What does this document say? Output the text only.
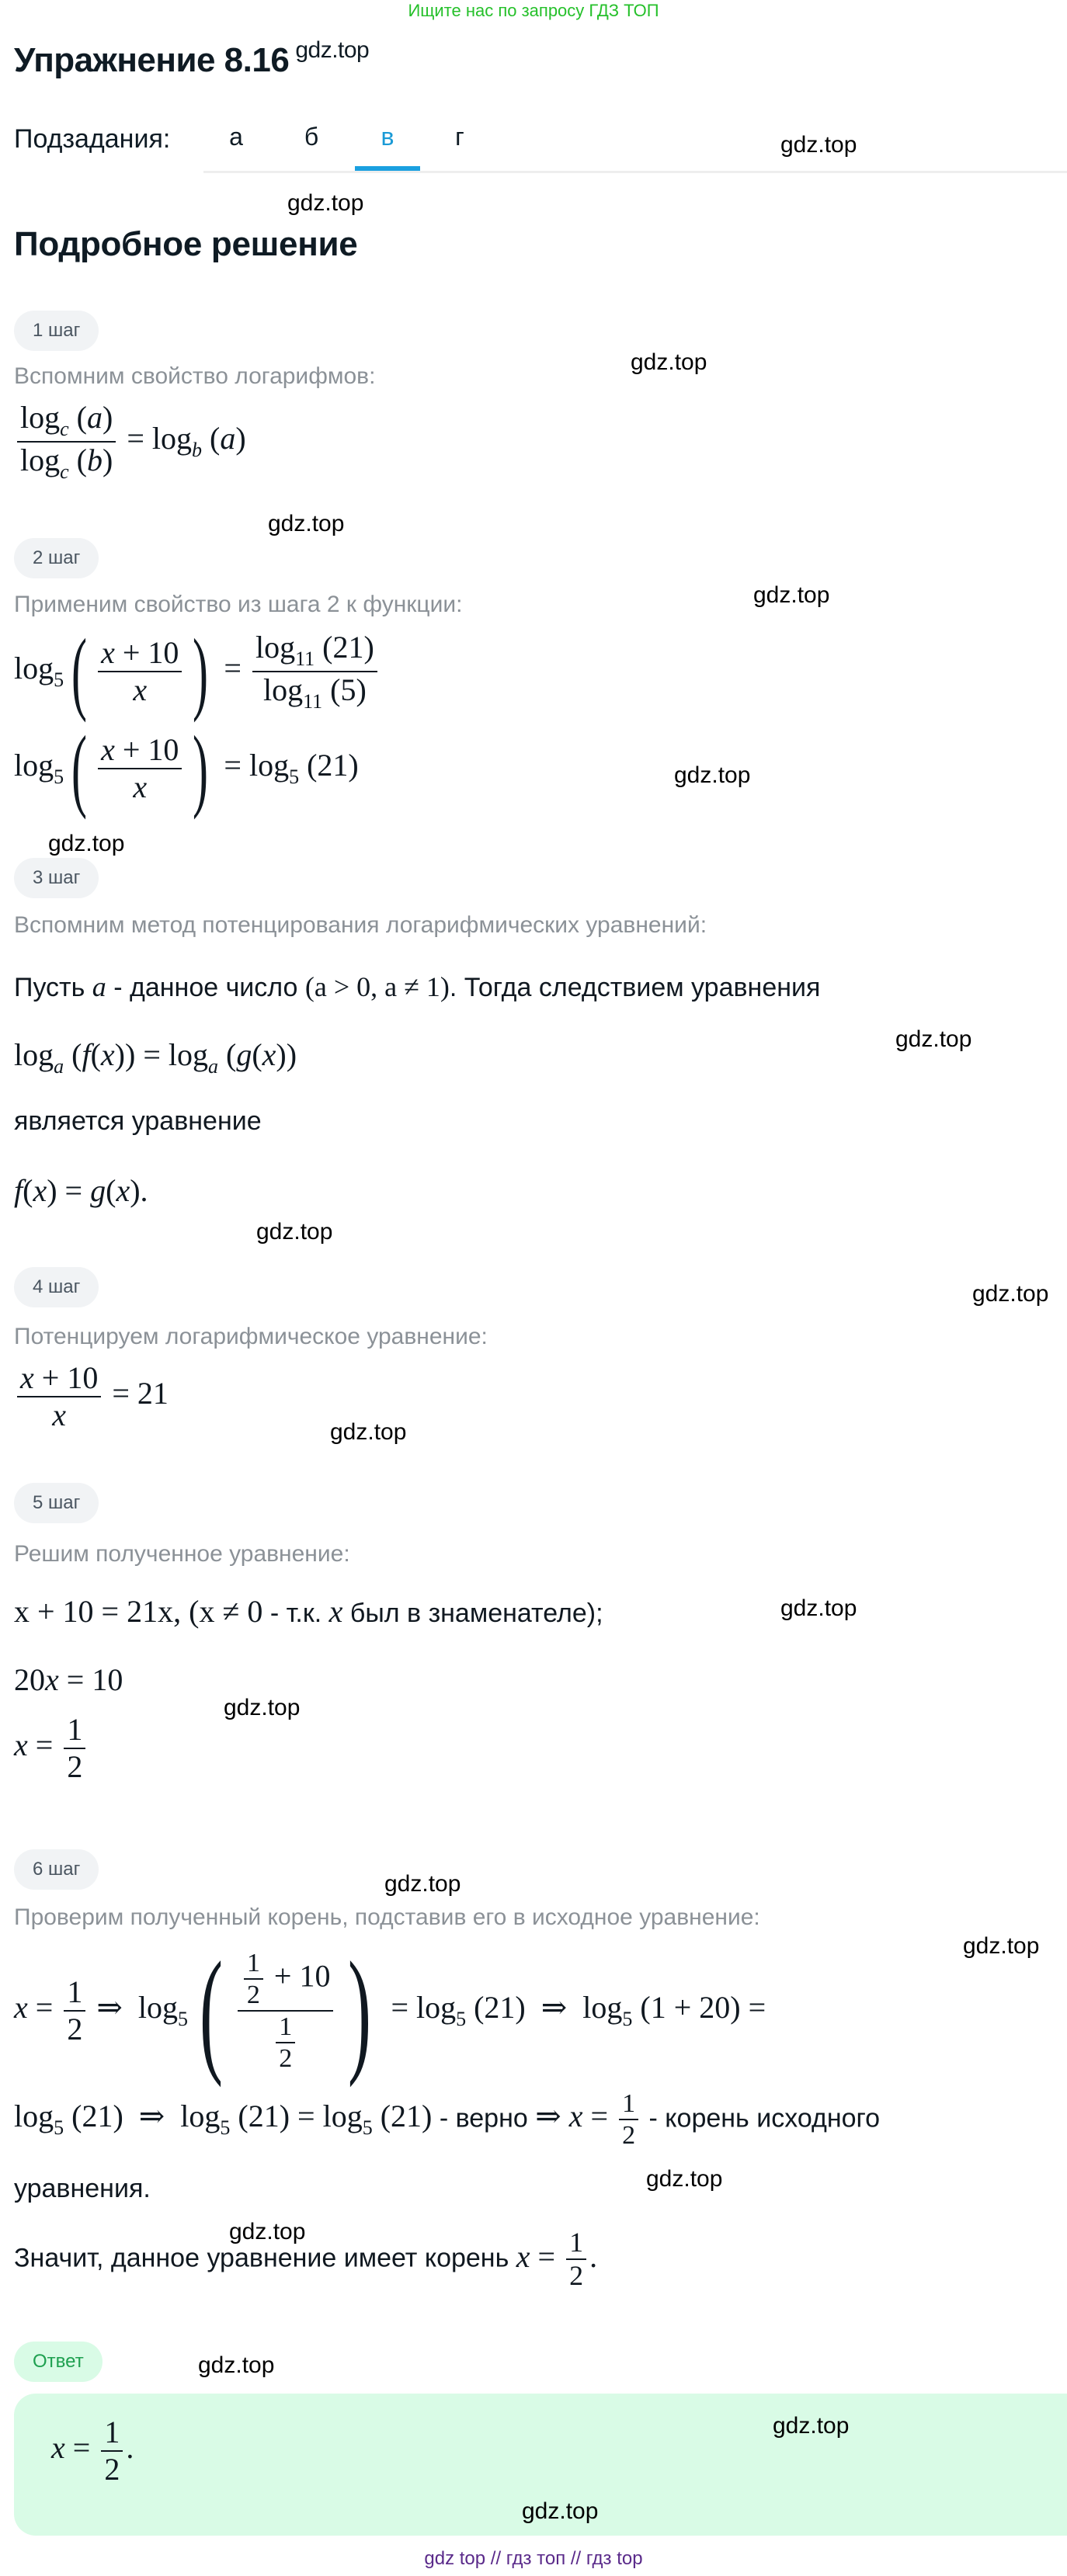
Ищите нас по запросу ГДЗ ТОП
Упражнение 8.16 $^{gdz.top}$
Подзадания:	а	б	в	г
Подробное решение
1 шаг
Вспомним свойство логарифмов:
$\frac{\log_c (a)}{\log_c (b)} = \log_b (a)$
2 шаг
Применим свойство из шага 2 к функции:
$\log_5( \frac{x + 10}{x}$ ) = $\frac{\log_{11} (21)}{\log_{11} (5)}$
$\log_5( \frac{x + 10}{x}$ ) = $\log_5 (21)$
3 шаг
Вспомним метод потенцирования логарифмических уравнений:
Пусть a - данное число (a > 0, a ≠ 1). Тогда следствием уравнения
$\log_a (f(x)) = \log_a (g(x))$
является уравнение
f(x) = g(x).
4 шаг
Потенцируем логарифмическое уравнение:
$\frac{x + 10}{x} = 21$
5 шаг
Решим полученное уравнение:
x + 10 = 21x, (x ≠ 0 - т.к. x был в знаменателе);
20x = 10
$x = \frac{1}{2}$
6 шаг
Проверим полученный корень, подставив его в исходное уравнение:
$x = \frac{1}{2}$ ⇒  $\log_5( \frac{\frac{1}{2} + 10}{\frac{1}{2}}$ ) = $\log_5 (21)$  ⇒  $\log_5 (1 + 20)$ =
$\log_5 (21)$  ⇒  $\log_5 (21) = \log_5 (21)$ - верно ⇒ $x = \frac{1}{2}$ - корень исходного
уравнения.
Значит, данное уравнение имеет корень $x = \frac{1}{2}$ .
Ответ
$x = \frac{1}{2}$ .
gdz.top
gdz.top
gdz.top
gdz.top
gdz.top
gdz.top
gdz.top
gdz.top
gdz.top
gdz.top
gdz.top
gdz.top
gdz.top
gdz.top
gdz.top
gdz.top
gdz.top
gdz.top
gdz.top
gdz.top
gdz top // гдз топ // гдз top
